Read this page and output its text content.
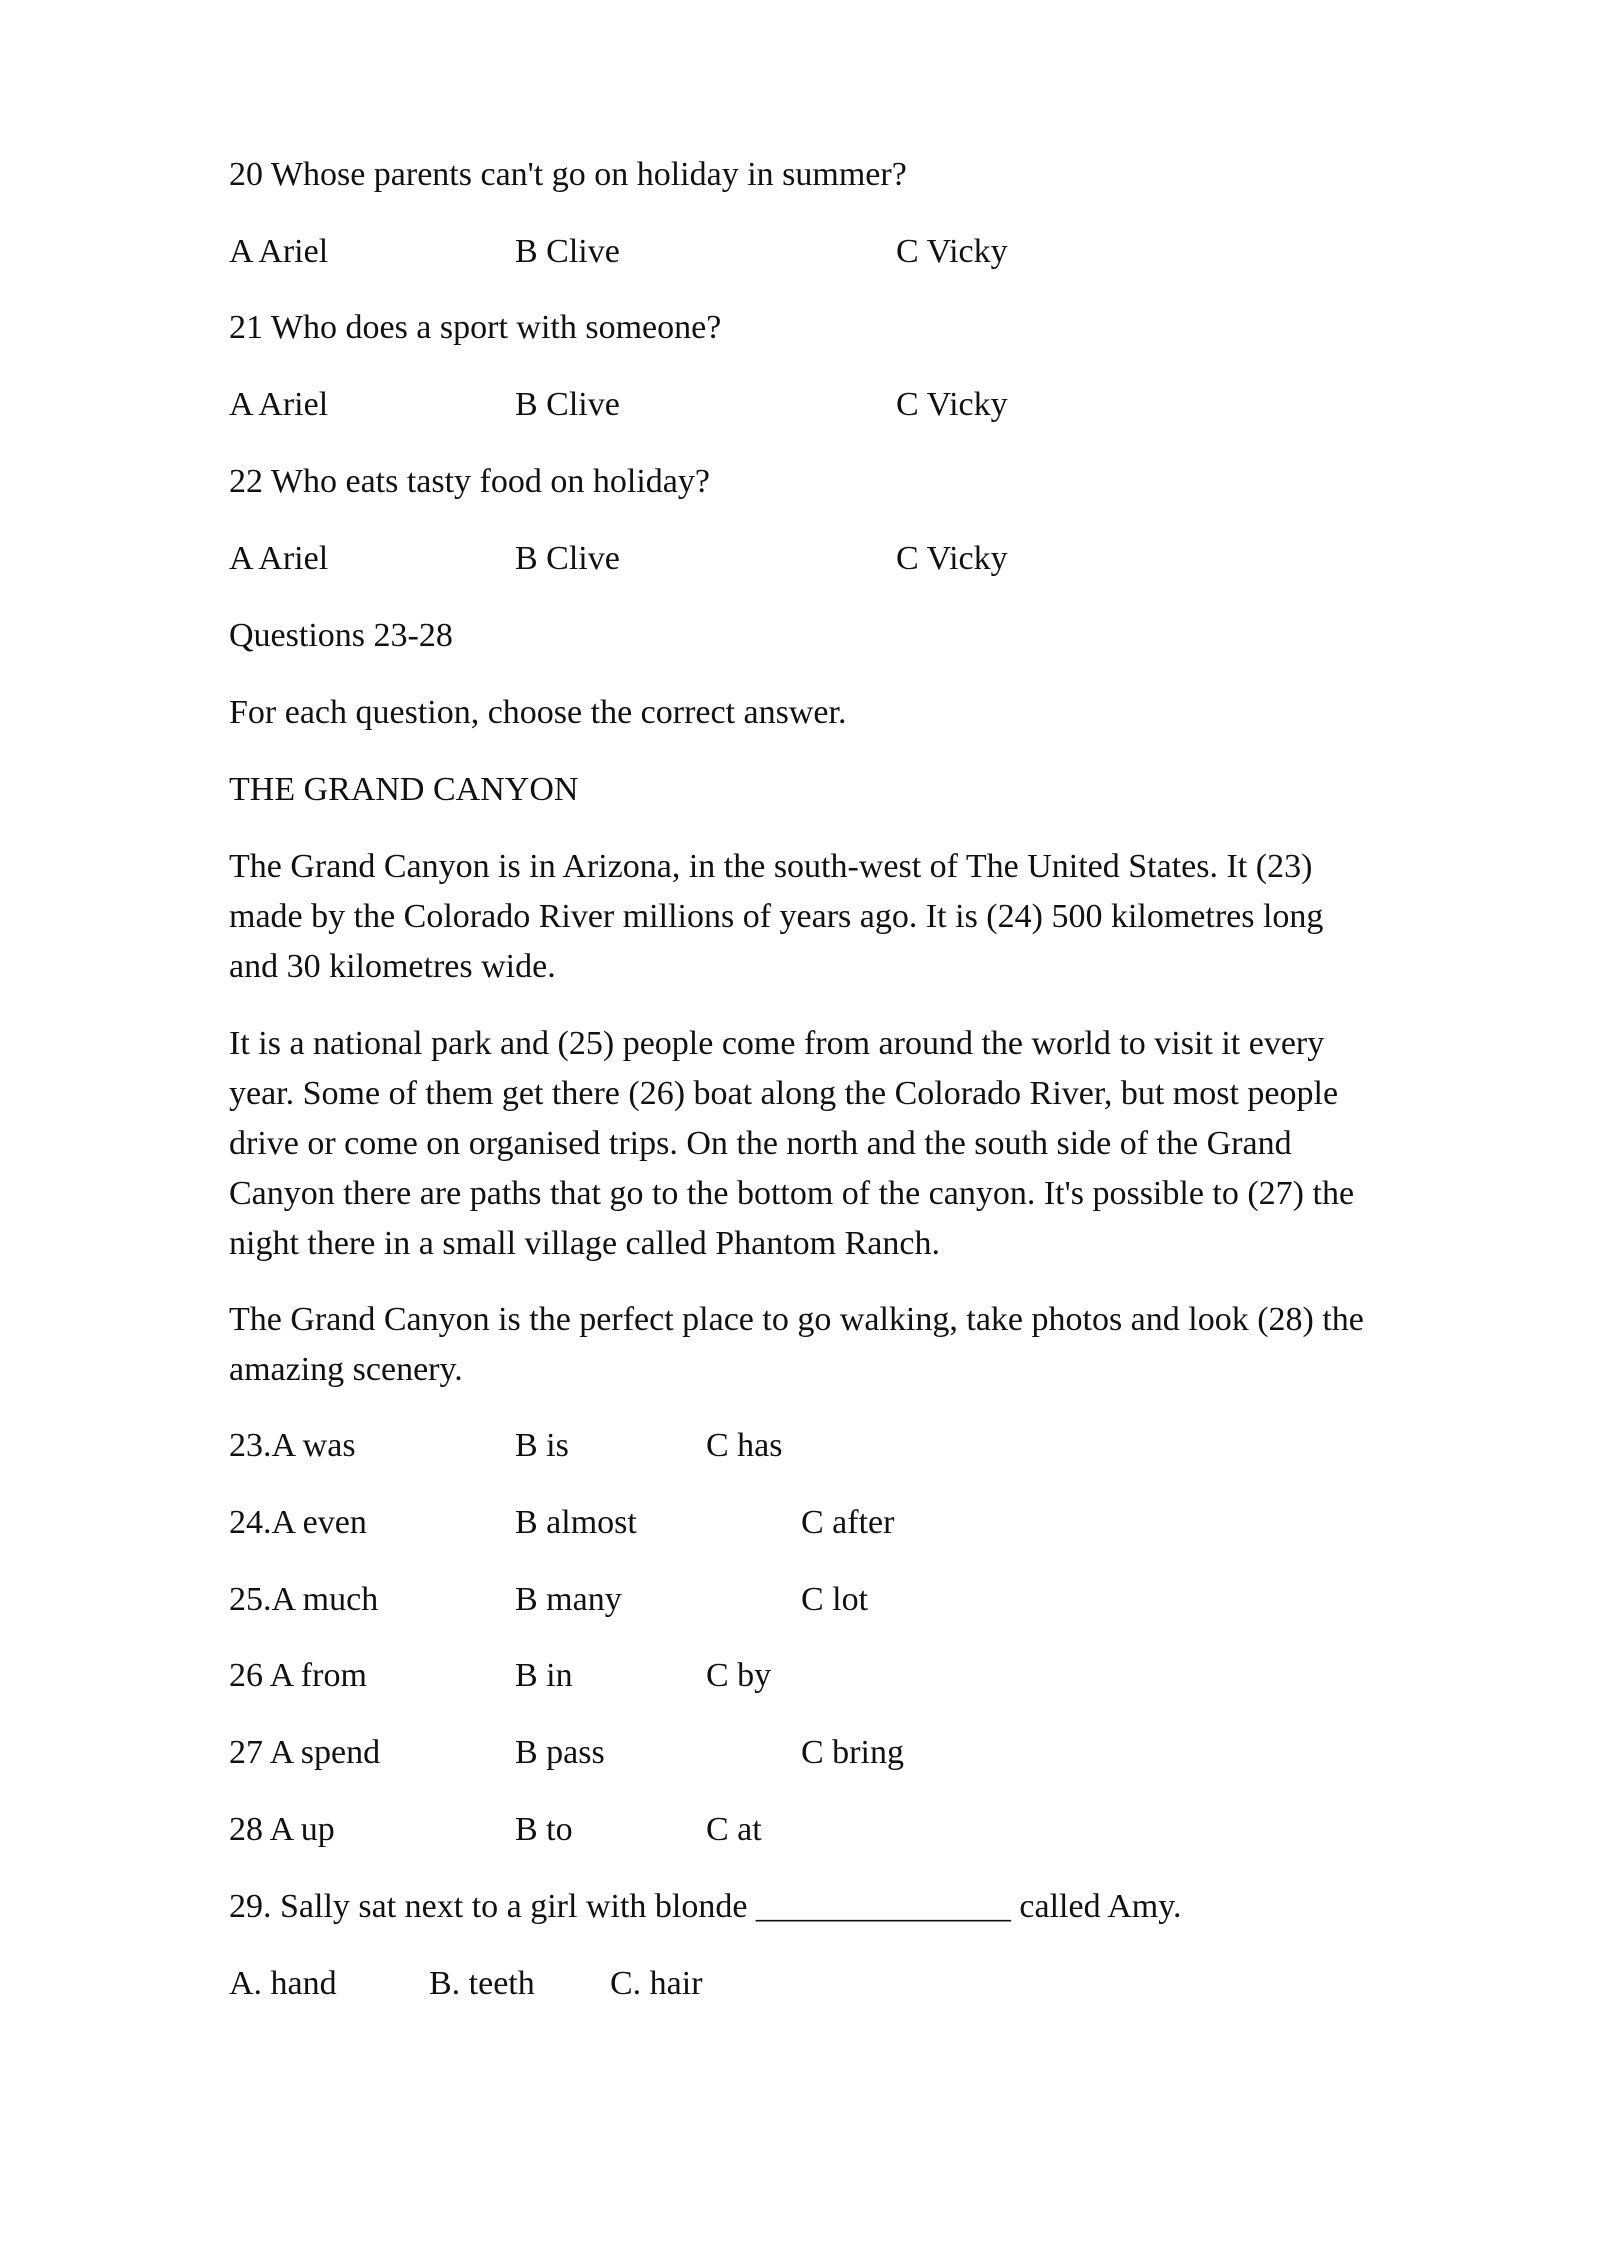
20 Whose parents can't go on holiday in summer?
A Ariel	B Clive	C Vicky
21 Who does a sport with someone?
A Ariel	B Clive	C Vicky
22 Who eats tasty food on holiday?
A Ariel	B Clive	C Vicky
Questions 23-28
For each question, choose the correct answer.
THE GRAND CANYON
The Grand Canyon is in Arizona, in the south-west of The United States. It (23)
made by the Colorado River millions of years ago. It is (24) 500 kilometres long
and 30 kilometres wide.
It is a national park and (25) people come from around the world to visit it every
year. Some of them get there (26) boat along the Colorado River, but most people
drive or come on organised trips. On the north and the south side of the Grand
Canyon there are paths that go to the bottom of the canyon. It's possible to (27) the
night there in a small village called Phantom Ranch.
The Grand Canyon is the perfect place to go walking, take photos and look (28) the
amazing scenery.
23.A was	B is	C has
24.A even	B almost	C after
25.A much	B many	C lot
26 A from	B in	C by
27 A spend	B pass	C bring
28 A up	B to	C at
29. Sally sat next to a girl with blonde _______________ called Amy.
A. hand	B. teeth C. hair
